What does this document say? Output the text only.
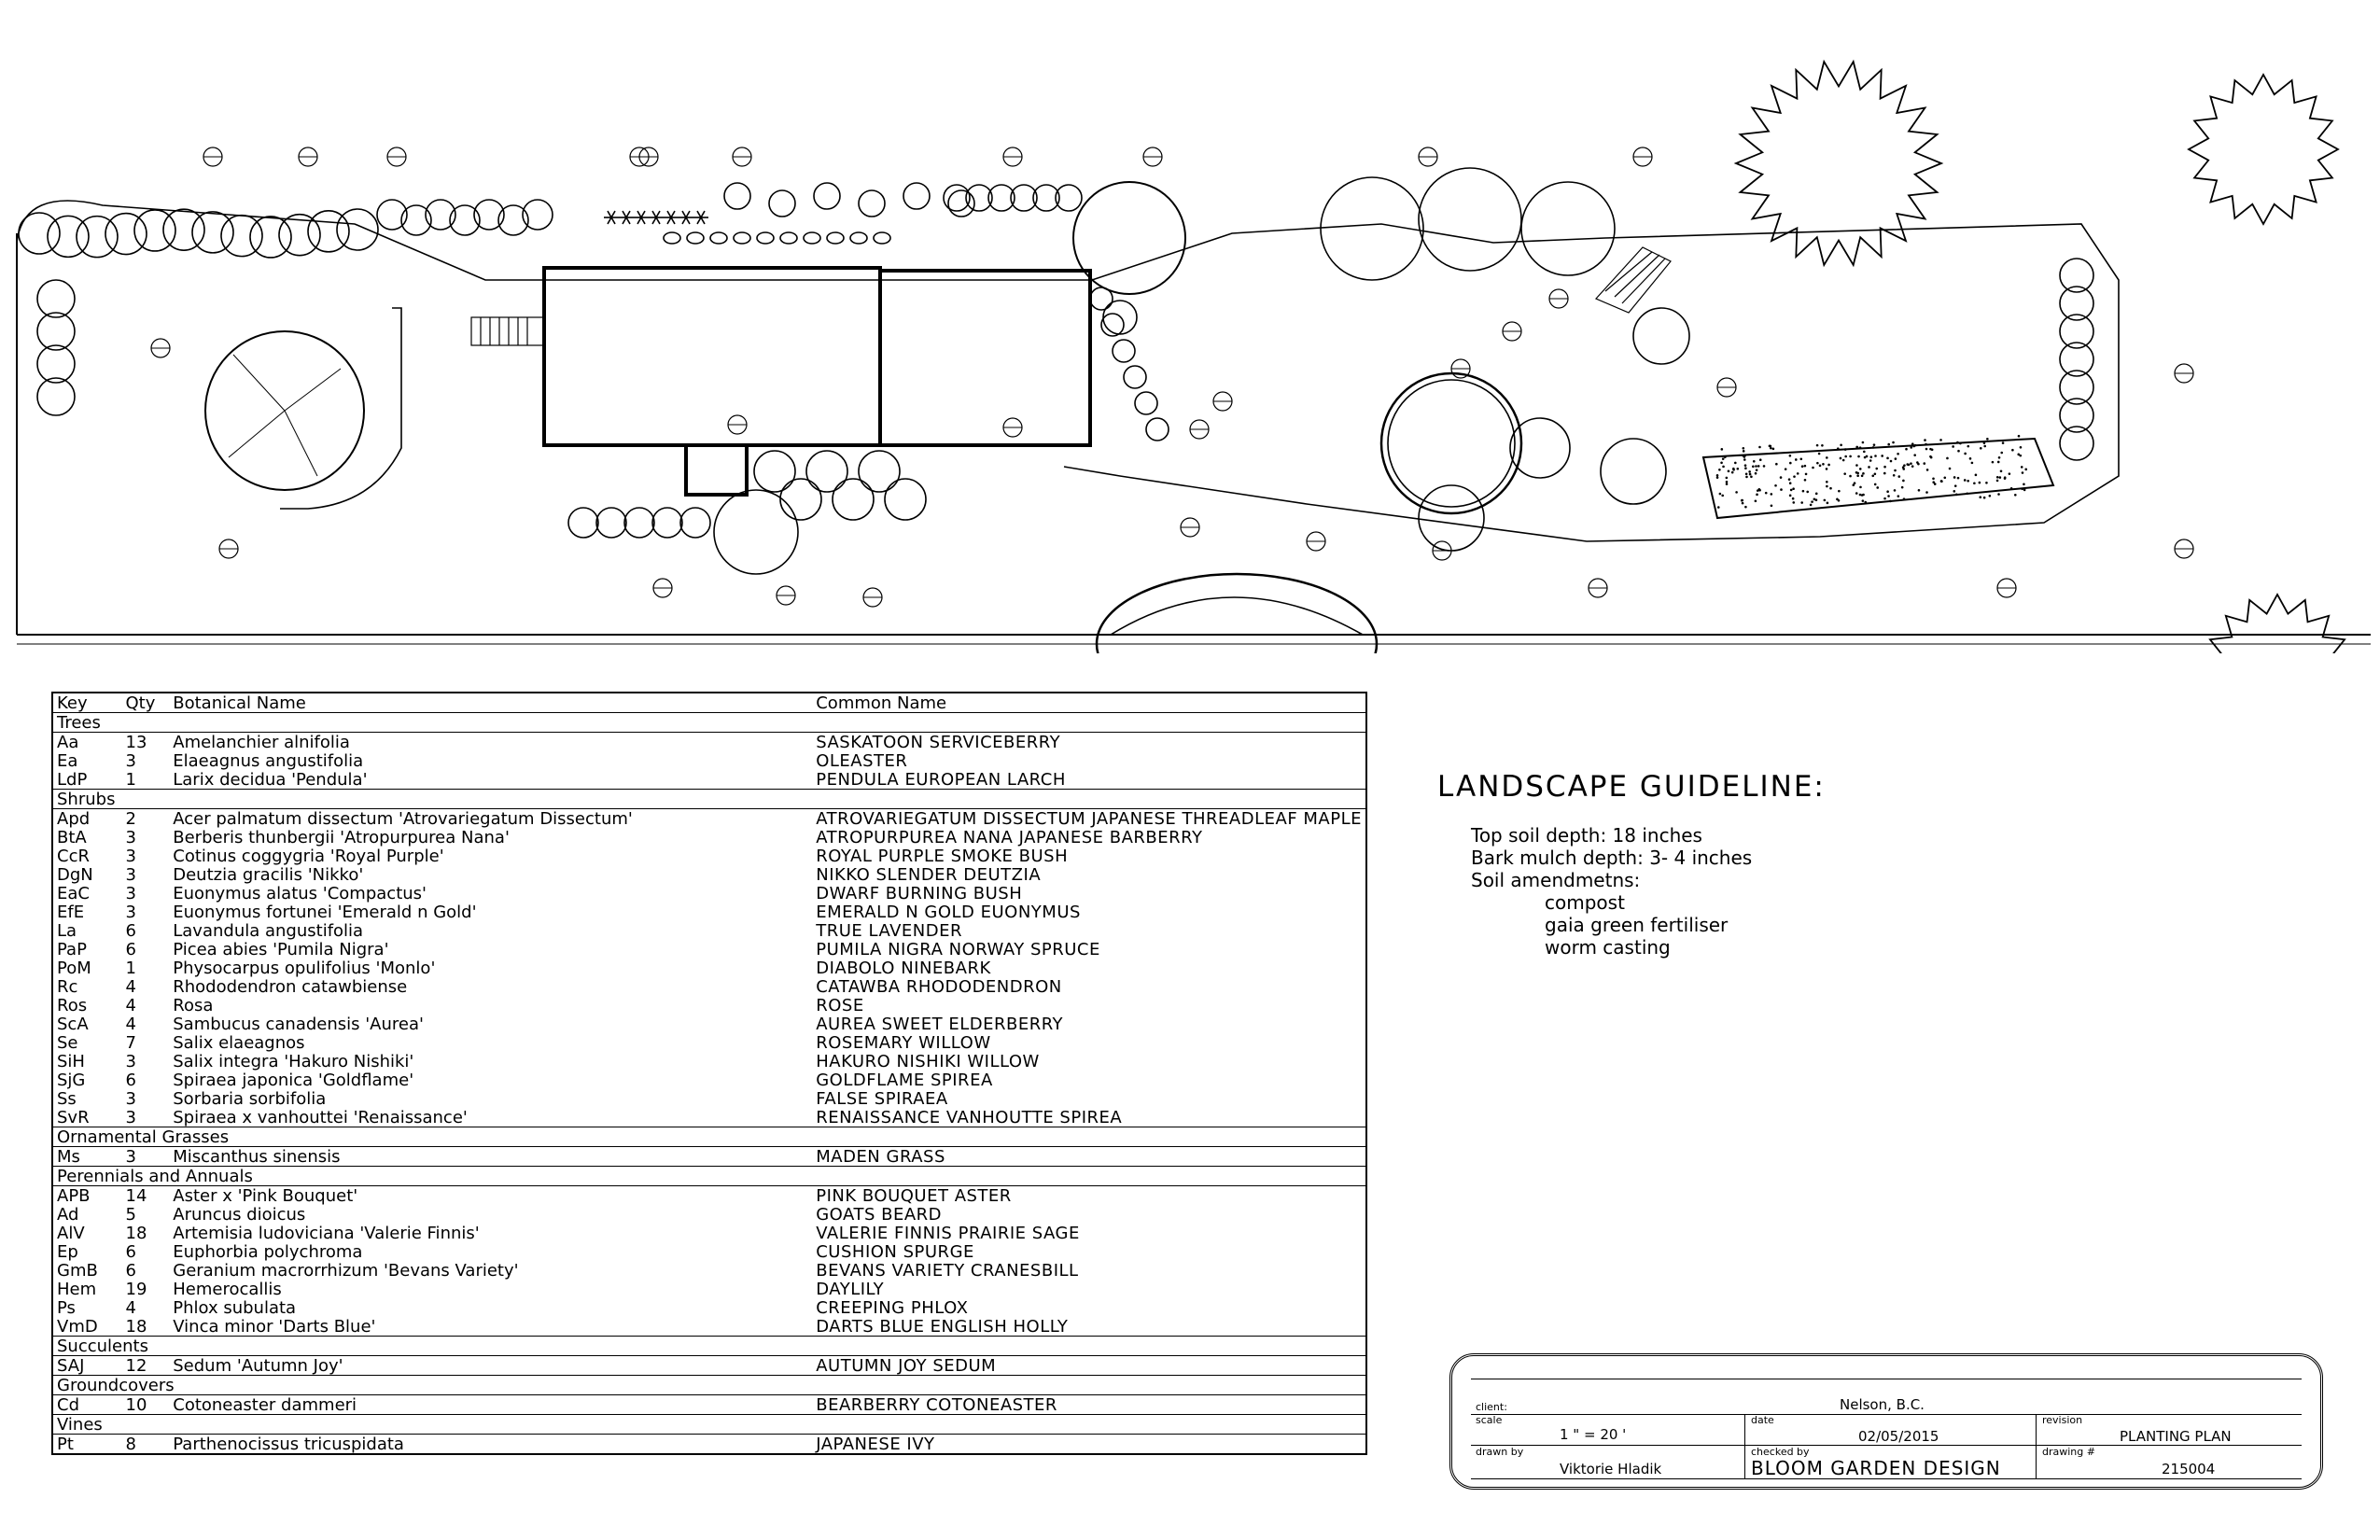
Key	Qty	Botanical Name	Common Name
Trees			
Aa	13	Amelanchier alnifolia	SASKATOON SERVICEBERRY
Ea	3	Elaeagnus angustifolia	OLEASTER
LdP	1	Larix decidua 'Pendula'	PENDULA EUROPEAN LARCH
Shrubs			
Apd	2	Acer palmatum dissectum 'Atrovariegatum Dissectum'	ATROVARIEGATUM DISSECTUM JAPANESE THREADLEAF MAPLE
BtA	3	Berberis thunbergii 'Atropurpurea Nana'	ATROPURPUREA NANA JAPANESE BARBERRY
CcR	3	Cotinus coggygria 'Royal Purple'	ROYAL PURPLE SMOKE BUSH
DgN	3	Deutzia gracilis 'Nikko'	NIKKO SLENDER DEUTZIA
EaC	3	Euonymus alatus 'Compactus'	DWARF BURNING BUSH
EfE	3	Euonymus fortunei 'Emerald n Gold'	EMERALD N GOLD EUONYMUS
La	6	Lavandula angustifolia	TRUE LAVENDER
PaP	6	Picea abies 'Pumila Nigra'	PUMILA NIGRA NORWAY SPRUCE
PoM	1	Physocarpus opulifolius 'Monlo'	DIABOLO NINEBARK
Rc	4	Rhododendron catawbiense	CATAWBA RHODODENDRON
Ros	4	Rosa	ROSE
ScA	4	Sambucus canadensis 'Aurea'	AUREA SWEET ELDERBERRY
Se	7	Salix elaeagnos	ROSEMARY WILLOW
SiH	3	Salix integra 'Hakuro Nishiki'	HAKURO NISHIKI WILLOW
SjG	6	Spiraea japonica 'Goldflame'	GOLDFLAME SPIREA
Ss	3	Sorbaria sorbifolia	FALSE SPIRAEA
SvR	3	Spiraea x vanhouttei 'Renaissance'	RENAISSANCE VANHOUTTE SPIREA
Ornamental Grasses			
Ms	3	Miscanthus sinensis	MADEN GRASS
Perennials and Annuals			
APB	14	Aster x 'Pink Bouquet'	PINK BOUQUET ASTER
Ad	5	Aruncus dioicus	GOATS BEARD
AlV	18	Artemisia ludoviciana 'Valerie Finnis'	VALERIE FINNIS PRAIRIE SAGE
Ep	6	Euphorbia polychroma	CUSHION SPURGE
GmB	6	Geranium macrorrhizum 'Bevans Variety'	BEVANS VARIETY CRANESBILL
Hem	19	Hemerocallis	DAYLILY
Ps	4	Phlox subulata	CREEPING PHLOX
VmD	18	Vinca minor 'Darts Blue'	DARTS BLUE ENGLISH HOLLY
Succulents			
SAJ	12	Sedum 'Autumn Joy'	AUTUMN JOY SEDUM
Groundcovers			
Cd	10	Cotoneaster dammeri	BEARBERRY COTONEASTER
Vines			
Pt	8	Parthenocissus tricuspidata	JAPANESE IVY
LANDSCAPE GUIDELINE:
Top soil depth: 18 inches
Bark mulch depth: 3- 4 inches
Soil amendmetns:
compost
gaia green fertiliser
worm casting
client:	Nelson, B.C.
scale
1 " = 20 '
date
02/05/2015
revision
PLANTING PLAN
drawn by
Viktorie Hladik
checked by
BLOOM GARDEN DESIGN
drawing #
215004
